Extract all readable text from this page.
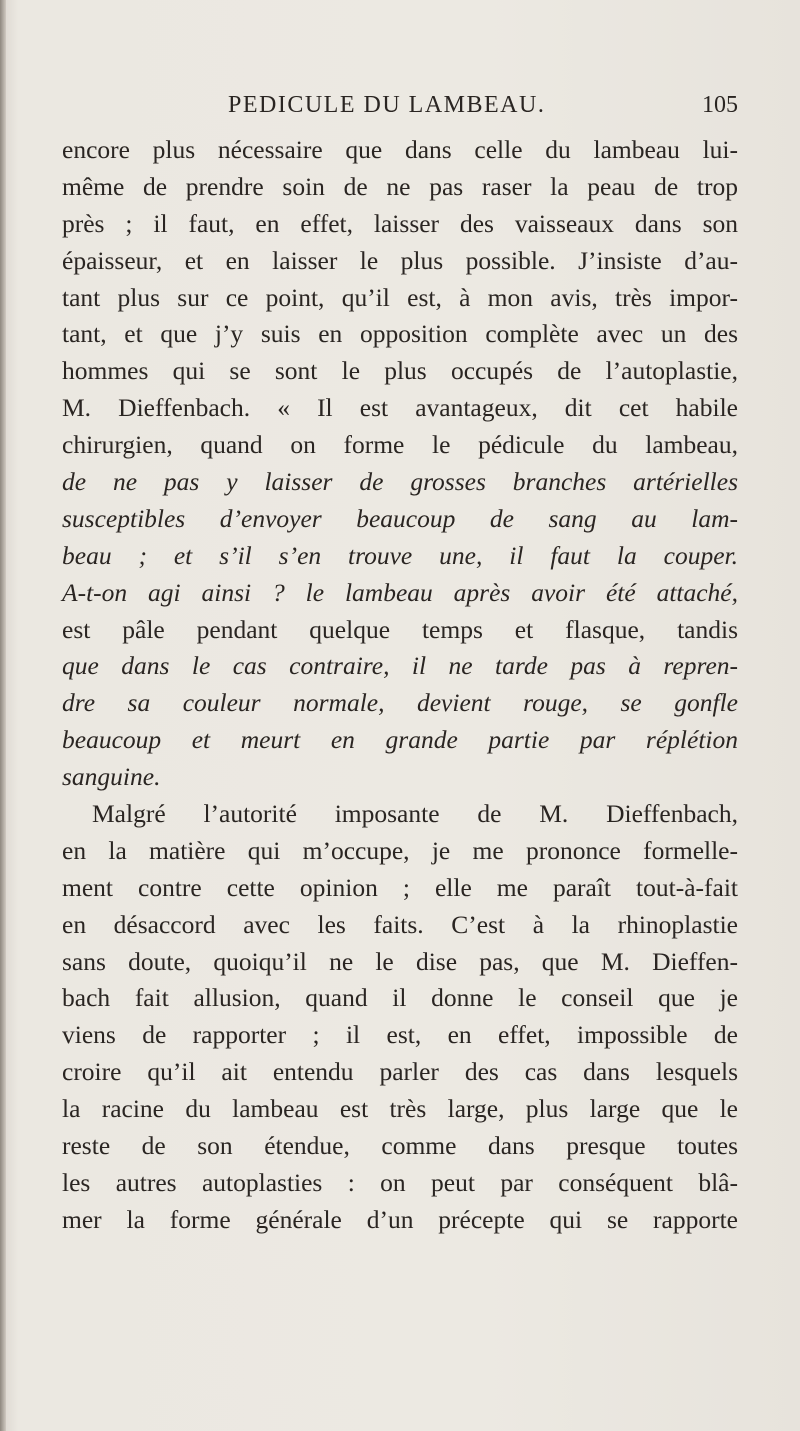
PEDICULE DU LAMBEAU.	105
encore plus nécessaire que dans celle du lambeau lui-
même de prendre soin de ne pas raser la peau de trop
près ; il faut, en effet, laisser des vaisseaux dans son
épaisseur, et en laisser le plus possible. J’insiste d’au-
tant plus sur ce point, qu’il est, à mon avis, très impor-
tant, et que j’y suis en opposition complète avec un des
hommes qui se sont le plus occupés de l’autoplastie,
M. Dieffenbach. « Il est avantageux, dit cet habile
chirurgien, quand on forme le pédicule du lambeau,
de ne pas y laisser de grosses branches artérielles
susceptibles d’envoyer beaucoup de sang au lam-
beau ; et s’il s’en trouve une, il faut la couper.
A-t-on agi ainsi ? le lambeau après avoir été attaché,
est pâle pendant quelque temps et flasque, tandis
que dans le cas contraire, il ne tarde pas à repren-
dre sa couleur normale, devient rouge, se gonfle
beaucoup et meurt en grande partie par réplétion
sanguine.
Malgré l’autorité imposante de M. Dieffenbach,
en la matière qui m’occupe, je me prononce formelle-
ment contre cette opinion ; elle me paraît tout-à-fait
en désaccord avec les faits. C’est à la rhinoplastie
sans doute, quoiqu’il ne le dise pas, que M. Dieffen-
bach fait allusion, quand il donne le conseil que je
viens de rapporter ; il est, en effet, impossible de
croire qu’il ait entendu parler des cas dans lesquels
la racine du lambeau est très large, plus large que le
reste de son étendue, comme dans presque toutes
les autres autoplasties : on peut par conséquent blâ-
mer la forme générale d’un précepte qui se rapporte
